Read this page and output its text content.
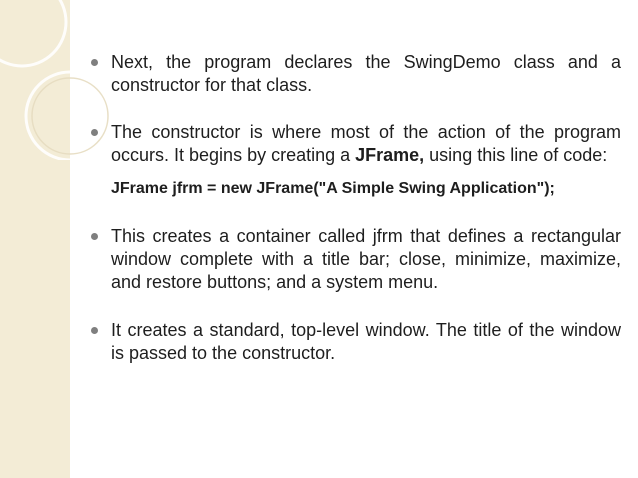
Next, the program declares the SwingDemo class and a constructor for that class.
The constructor is where most of the action of the program occurs. It begins by creating a JFrame, using this line of code:
JFrame jfrm = new JFrame("A Simple Swing Application");
This creates a container called jfrm that defines a rectangular window complete with a title bar; close, minimize, maximize, and restore buttons; and a system menu.
It creates a standard, top-level window. The title of the window is passed to the constructor.
